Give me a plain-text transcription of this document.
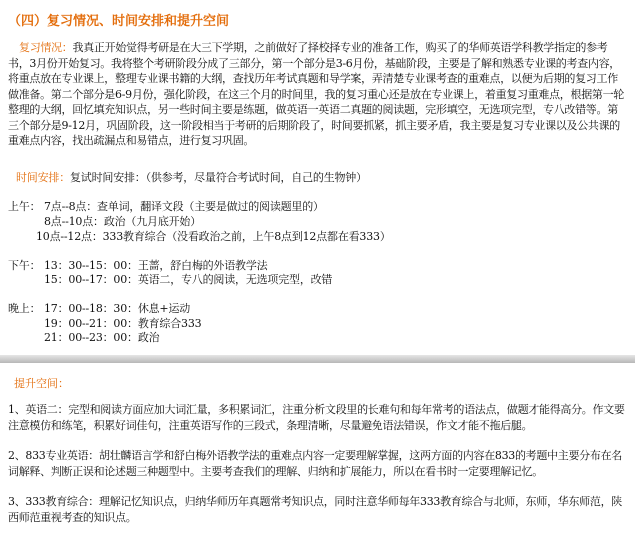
（四）复习情况、时间安排和提升空间
复习情况：我真正开始觉得考研是在大三下学期，之前做好了择校择专业的准备工作，购买了的华师英语学科教学指定的参考书，3月份开始复习。我将整个考研阶段分成了三部分，第一个部分是3-6月份，基础阶段，主要是了解和熟悉专业课的考查内容，将重点放在专业课上，整理专业课书籍的大纲，查找历年考试真题和导学案，弄清楚专业课考查的重难点，以便为后期的复习工作做准备。第二个部分是6-9月份，强化阶段，在这三个月的时间里，我的复习重心还是放在专业课上，着重复习重难点，根据第一轮整理的大纲，回忆填充知识点，另一些时间主要是练题，做英语一英语二真题的阅读题，完形填空，无选项完型，专八改错等。第三个部分是9-12月，巩固阶段，这一阶段相当于考研的后期阶段了，时间要抓紧，抓主要矛盾，我主要是复习专业课以及公共课的重难点内容，找出疏漏点和易错点，进行复习巩固。
时间安排：复试时间安排：（供参考，尽量符合考试时间，自己的生物钟）
上午： 7点--8点：查单词，翻译文段（主要是做过的阅读题里的）
8点--10点：政治（九月底开始）
10点--12点：333教育综合（没看政治之前，上午8点到12点都在看333）
下午： 13：30--15：00：王蔷，舒白梅的外语教学法
15：00--17：00：英语二，专八的阅读，无选项完型，改错
晚上： 17：00--18：30：休息+运动
19：00--21：00：教育综合333
21：00--23：00：政治
提升空间：
1、英语二：完型和阅读方面应加大词汇量，多积累词汇，注重分析文段里的长难句和每年常考的语法点，做题才能得高分。作文要注意模仿和练笔，积累好词佳句，注重英语写作的三段式，条理清晰，尽量避免语法错误，作文才能不拖后腿。
2、833专业英语：胡壮麟语言学和舒白梅外语教学法的重难点内容一定要理解掌握，这两方面的内容在833的考题中主要分布在名词解释、判断正误和论述题三种题型中。主要考查我们的理解、归纳和扩展能力，所以在看书时一定要理解记忆。
3、333教育综合：理解记忆知识点，归纳华师历年真题常考知识点，同时注意华师每年333教育综合与北师，东师，华东师范，陕西师范重视考查的知识点。
